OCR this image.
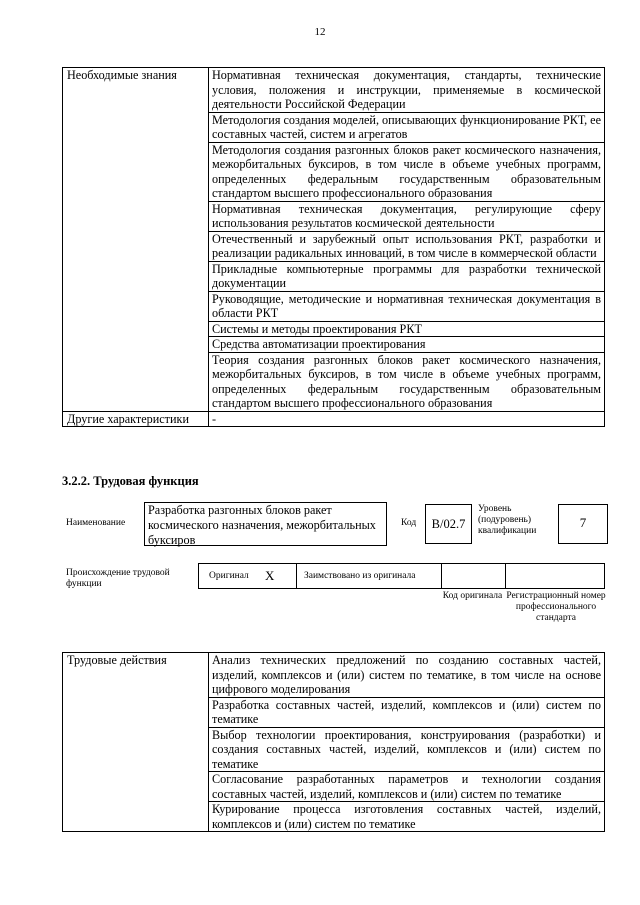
12
Необходимые знания	Нормативная техническая документация, стандарты, технические условия, положения и инструкции, применяемые в космической деятельности Российской Федерации
	Методология создания моделей, описывающих функционирование РКТ, ее составных частей, систем и агрегатов
	Методология создания разгонных блоков ракет космического назначения, межорбитальных буксиров, в том числе в объеме учебных программ, определенных федеральным государственным образовательным стандартом высшего профессионального образования
	Нормативная техническая документация, регулирующие сферу использования результатов космической деятельности
	Отечественный и зарубежный опыт использования РКТ, разработки и реализации радикальных инноваций, в том числе в коммерческой области
	Прикладные компьютерные программы для разработки технической документации
	Руководящие, методические и нормативная техническая документация в области РКТ
	Системы и методы проектирования РКТ
	Средства автоматизации проектирования
	Теория создания разгонных блоков ракет космического назначения, межорбитальных буксиров, в том числе в объеме учебных программ, определенных федеральным государственным образовательным стандартом высшего профессионального образования
Другие характеристики	-
3.2.2. Трудовая функция
Наименование
Разработка разгонных блоков ракет космического назначения, межорбитальных буксиров
Код	В/02.7
Уровень (подуровень) квалификации
7
Происхождение трудовой функции
Оригинал Х	Заимствовано из оригинала
Код оригинала Регистрационный номер профессионального стандарта
Трудовые действия	Анализ технических предложений по созданию составных частей, изделий, комплексов и (или) систем по тематике, в том числе на основе цифрового моделирования
Разработка составных частей, изделий, комплексов и (или) систем по тематике
Выбор технологии проектирования, конструирования (разработки) и создания составных частей, изделий, комплексов и (или) систем по тематике
Согласование разработанных параметров и технологии создания составных частей, изделий, комплексов и (или) систем по тематике
Курирование процесса изготовления составных частей, изделий, комплексов и (или) систем по тематике
